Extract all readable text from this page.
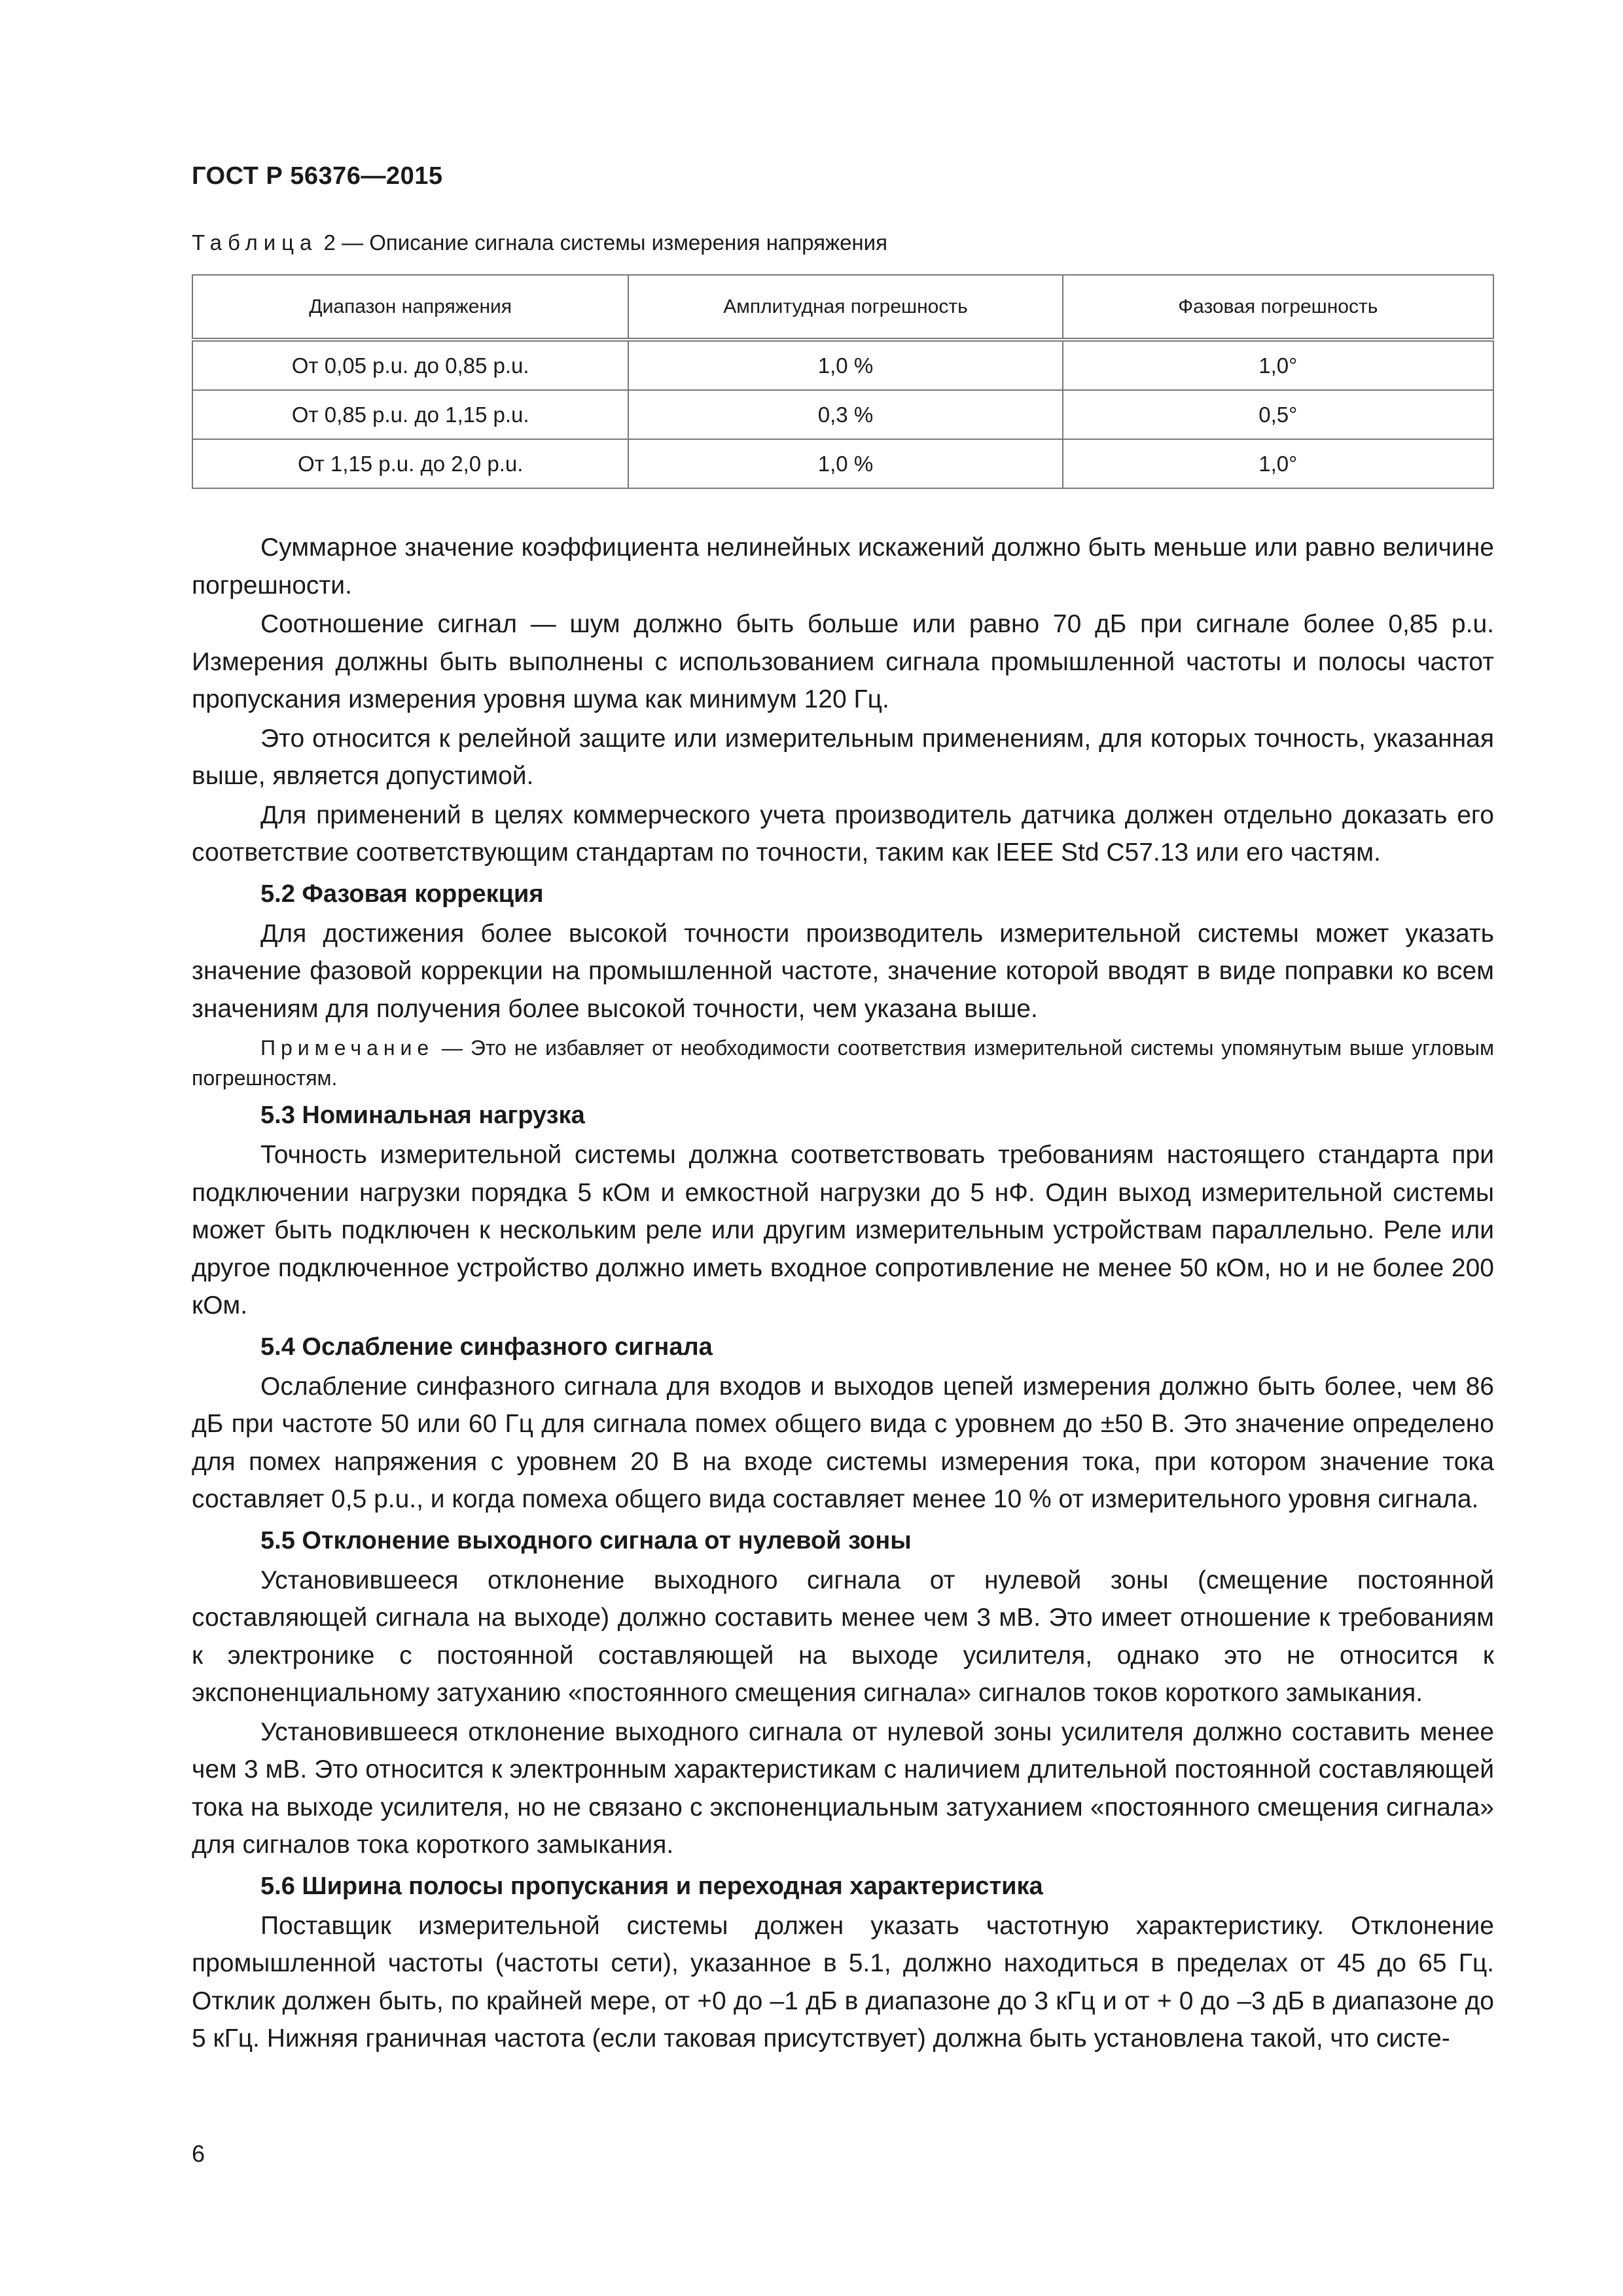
ГОСТ Р 56376—2015
Таблица 2 — Описание сигнала системы измерения напряжения
Диапазон напряжения	Амплитудная погрешность	Фазовая погрешность
От 0,05 p.u. до 0,85 p.u.	1,0 %	1,0°
От 0,85 p.u. до 1,15 p.u.	0,3 %	0,5°
От 1,15 p.u. до 2,0 p.u.	1,0 %	1,0°

Суммарное значение коэффициента нелинейных искажений должно быть меньше или равно величине погрешности.

Соотношение сигнал — шум должно быть больше или равно 70 дБ при сигнале более 0,85 p.u. Измерения должны быть выполнены с использованием сигнала промышленной частоты и полосы частот пропускания измерения уровня шума как минимум 120 Гц.

Это относится к релейной защите или измерительным применениям, для которых точность, указанная выше, является допустимой.

Для применений в целях коммерческого учета производитель датчика должен отдельно доказать его соответствие соответствующим стандартам по точности, таким как IEEE Std C57.13 или его частям.

5.2 Фазовая коррекция

Для достижения более высокой точности производитель измерительной системы может указать значение фазовой коррекции на промышленной частоте, значение которой вводят в виде поправки ко всем значениям для получения более высокой точности, чем указана выше.

Примечание — Это не избавляет от необходимости соответствия измерительной системы упомянутым выше угловым погрешностям.

5.3 Номинальная нагрузка

Точность измерительной системы должна соответствовать требованиям настоящего стандарта при подключении нагрузки порядка 5 кОм и емкостной нагрузки до 5 нФ. Один выход измерительной системы может быть подключен к нескольким реле или другим измерительным устройствам параллельно. Реле или другое подключенное устройство должно иметь входное сопротивление не менее 50 кОм, но и не более 200 кОм.

5.4 Ослабление синфазного сигнала

Ослабление синфазного сигнала для входов и выходов цепей измерения должно быть более, чем 86 дБ при частоте 50 или 60 Гц для сигнала помех общего вида с уровнем до ±50 В. Это значение определено для помех напряжения с уровнем 20 В на входе системы измерения тока, при котором значение тока составляет 0,5 p.u., и когда помеха общего вида составляет менее 10 % от измерительного уровня сигнала.

5.5 Отклонение выходного сигнала от нулевой зоны

Установившееся отклонение выходного сигнала от нулевой зоны (смещение постоянной составляющей сигнала на выходе) должно составить менее чем 3 мВ. Это имеет отношение к требованиям к электронике с постоянной составляющей на выходе усилителя, однако это не относится к экспоненциальному затуханию «постоянного смещения сигнала» сигналов токов короткого замыкания.

Установившееся отклонение выходного сигнала от нулевой зоны усилителя должно составить менее чем 3 мВ. Это относится к электронным характеристикам с наличием длительной постоянной составляющей тока на выходе усилителя, но не связано с экспоненциальным затуханием «постоянного смещения сигнала» для сигналов тока короткого замыкания.

5.6 Ширина полосы пропускания и переходная характеристика

Поставщик измерительной системы должен указать частотную характеристику. Отклонение промышленной частоты (частоты сети), указанное в 5.1, должно находиться в пределах от 45 до 65 Гц. Отклик должен быть, по крайней мере, от +0 до –1 дБ в диапазоне до 3 кГц и от + 0 до –3 дБ в диапазоне до 5 кГц. Нижняя граничная частота (если таковая присутствует) должна быть установлена такой, что систе-

6
